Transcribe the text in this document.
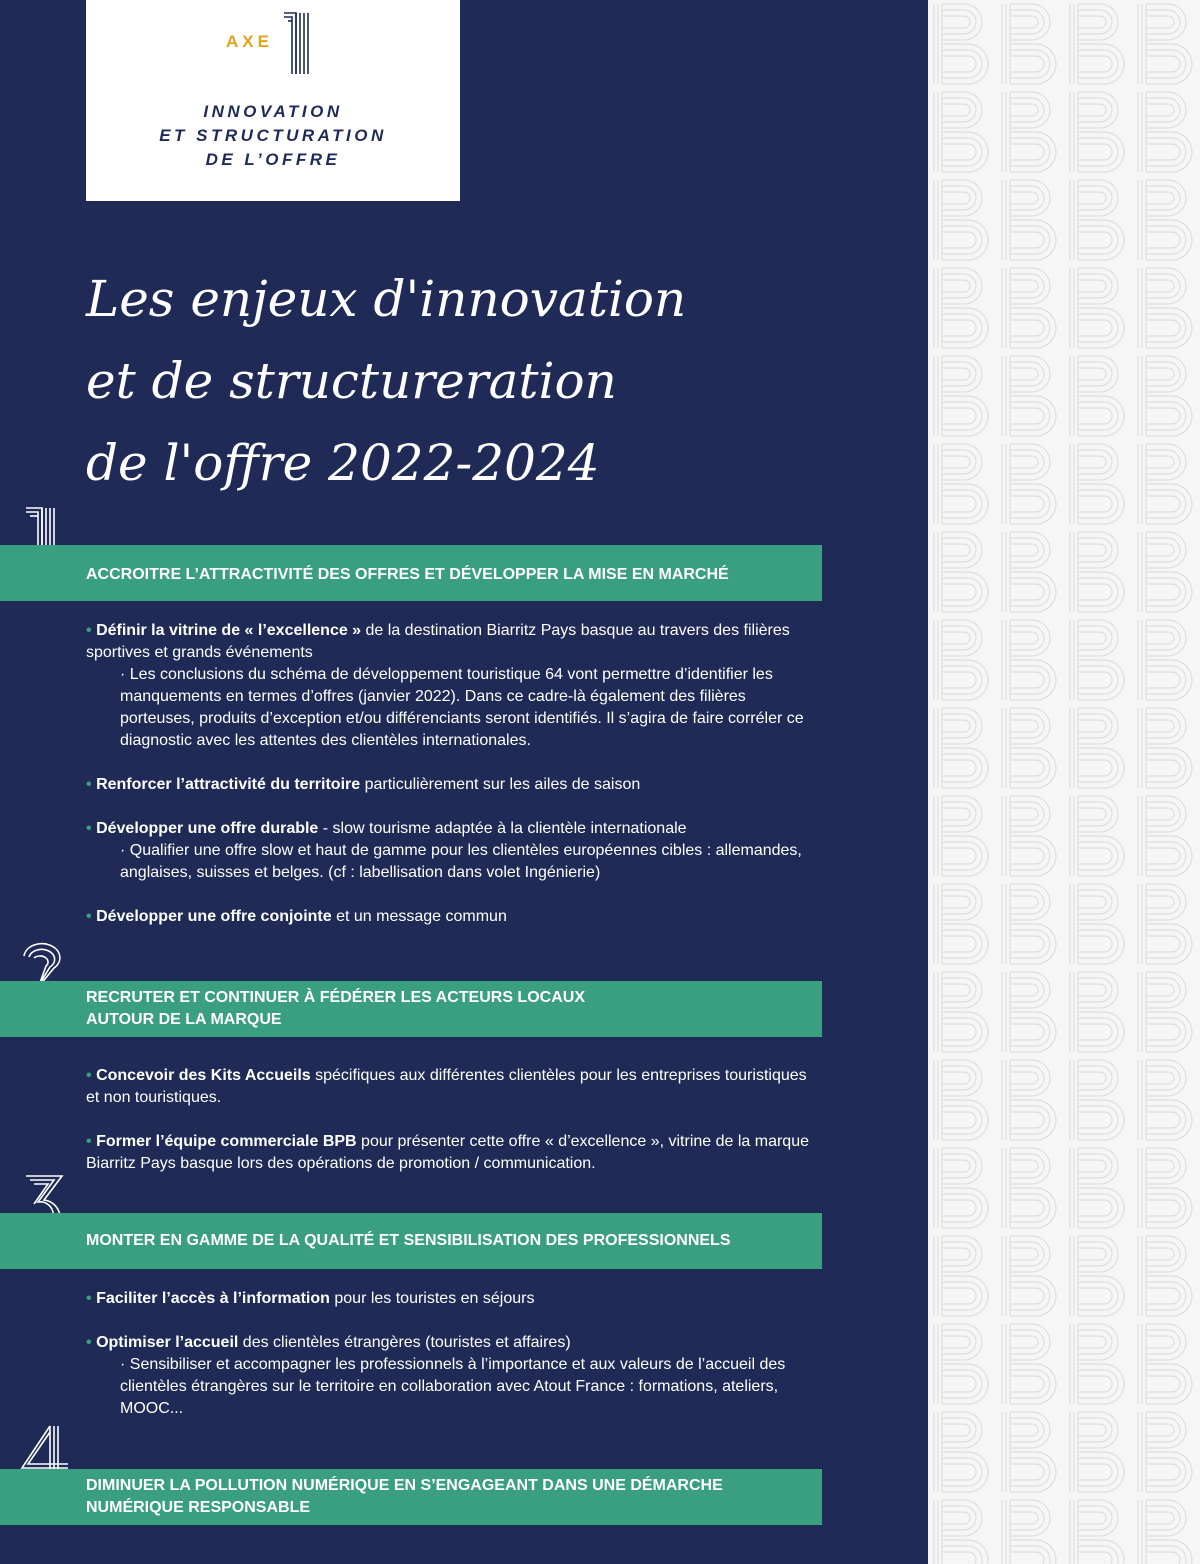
AXE
INNOVATION
ET STRUCTURATION
DE L’OFFRE
Les enjeux d'innovation
et de structureration
de l'offre 2022-2024
ACCROITRE L’ATTRACTIVITÉ DES OFFRES ET DÉVELOPPER LA MISE EN MARCHÉ

• Définir la vitrine de « l’excellence » de la destination Biarritz Pays basque au travers des filières sportives et grands événements

· Les conclusions du schéma de développement touristique 64 vont permettre d’identifier les manquements en termes d’offres (janvier 2022). Dans ce cadre-là également des filières porteuses, produits d’exception et/ou différenciants seront identifiés. Il s’agira de faire corréler ce diagnostic avec les attentes des clientèles internationales.

• Renforcer l’attractivité du territoire particulièrement sur les ailes de saison

• Développer une offre durable - slow tourisme adaptée à la clientèle internationale

· Qualifier une offre slow et haut de gamme pour les clientèles européennes cibles : allemandes, anglaises, suisses et belges. (cf : labellisation dans volet Ingénierie)

• Développer une offre conjointe et un message commun

RECRUTER ET CONTINUER À FÉDÉRER LES ACTEURS LOCAUX
AUTOUR DE LA MARQUE

• Concevoir des Kits Accueils spécifiques aux différentes clientèles pour les entreprises touristiques et non touristiques.

• Former l’équipe commerciale BPB pour présenter cette offre « d’excellence », vitrine de la marque Biarritz Pays basque lors des opérations de promotion / communication.

MONTER EN GAMME DE LA QUALITÉ ET SENSIBILISATION DES PROFESSIONNELS

• Faciliter l’accès à l’information pour les touristes en séjours

• Optimiser l’accueil des clientèles étrangères (touristes et affaires)

· Sensibiliser et accompagner les professionnels à l’importance et aux valeurs de l’accueil des clientèles étrangères sur le territoire en collaboration avec Atout France : formations, ateliers, MOOC...

DIMINUER LA POLLUTION NUMÉRIQUE EN S’ENGAGEANT DANS UNE DÉMARCHE
NUMÉRIQUE RESPONSABLE
